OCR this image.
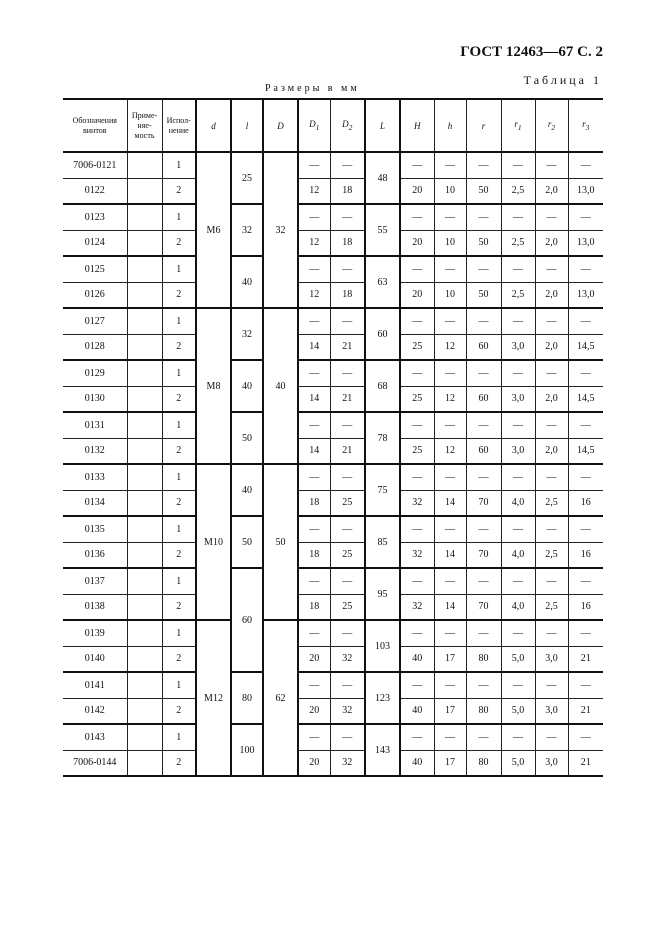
ГОСТ 12463—67 С. 2
Таблица 1
Размеры в мм
Обозначения
винтов	Приме-
няе-
мость	Испол-
нение	d	l	D	$D_1$	$D_2$	L	H	h	r	$r_1$	$r_2$	$r_3$
7006-0121		1	M6	25	32	—	—	48	—	—	—	—	—	—
0122		2				12	18		20	10	50	2,5	2,0	13,0
0123		1		32		—	—	55	—	—	—	—	—	—
0124		2				12	18		20	10	50	2,5	2,0	13,0
0125		1		40		—	—	63	—	—	—	—	—	—
0126		2				12	18		20	10	50	2,5	2,0	13,0
0127		1	M8	32	40	—	—	60	—	—	—	—	—	—
0128		2				14	21		25	12	60	3,0	2,0	14,5
0129		1		40		—	—	68	—	—	—	—	—	—
0130		2				14	21		25	12	60	3,0	2,0	14,5
0131		1		50		—	—	78	—	—	—	—	—	—
0132		2				14	21		25	12	60	3,0	2,0	14,5
0133		1	M10	40	50	—	—	75	—	—	—	—	—	—
0134		2				18	25		32	14	70	4,0	2,5	16
0135		1		50		—	—	85	—	—	—	—	—	—
0136		2				18	25		32	14	70	4,0	2,5	16
0137		1		60		—	—	95	—	—	—	—	—	—
0138		2				18	25		32	14	70	4,0	2,5	16
0139		1	M12		62	—	—	103	—	—	—	—	—	—
0140		2				20	32		40	17	80	5,0	3,0	21
0141		1		80		—	—	123	—	—	—	—	—	—
0142		2				20	32		40	17	80	5,0	3,0	21
0143		1		100		—	—	143	—	—	—	—	—	—
7006-0144		2				20	32		40	17	80	5,0	3,0	21
